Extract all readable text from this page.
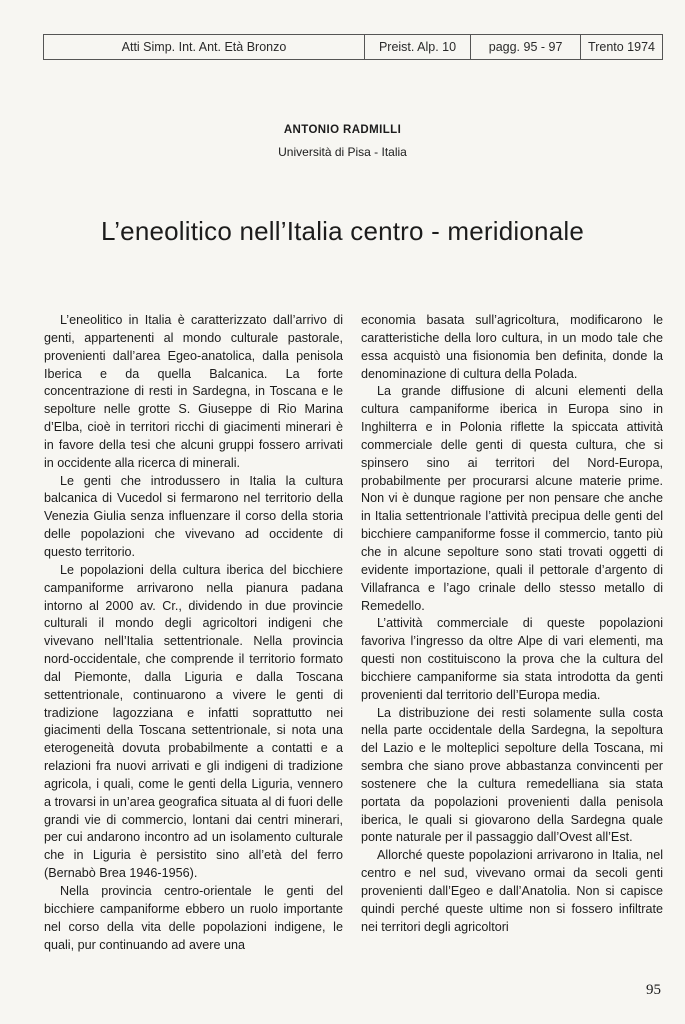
Atti Simp. Int. Ant. Età Bronzo	Preist. Alp. 10	pagg. 95 - 97	Trento 1974
ANTONIO RADMILLI
Università di Pisa - Italia
L’eneolitico nell’Italia centro - meridionale

L’eneolitico in Italia è caratterizzato dall’arrivo di genti, appartenenti al mondo culturale pastorale, provenienti dall’area Egeo-anatolica, dalla penisola Iberica e da quella Balcanica. La forte concentrazione di resti in Sardegna, in Toscana e le sepolture nelle grotte S. Giuseppe di Rio Marina d’Elba, cioè in territori ricchi di giacimenti minerari è in favore della tesi che alcuni gruppi fossero arrivati in occidente alla ricerca di minerali.

Le genti che introdussero in Italia la cultura balcanica di Vucedol si fermarono nel territorio della Venezia Giulia senza influenzare il corso della storia delle popolazioni che vivevano ad occidente di questo territorio.

Le popolazioni della cultura iberica del bicchiere campaniforme arrivarono nella pianura padana intorno al 2000 av. Cr., dividendo in due provincie culturali il mondo degli agricoltori indigeni che vivevano nell’Italia settentrionale. Nella provincia nord-occidentale, che comprende il territorio formato dal Piemonte, dalla Liguria e dalla Toscana settentrionale, continuarono a vivere le genti di tradizione lagozziana e infatti soprattutto nei giacimenti della Toscana settentrionale, si nota una eterogeneità dovuta probabilmente a contatti e a relazioni fra nuovi arrivati e gli indigeni di tradizione agricola, i quali, come le genti della Liguria, vennero a trovarsi in un’area geografica situata al di fuori delle grandi vie di commercio, lontani dai centri minerari, per cui andarono incontro ad un isolamento culturale che in Liguria è persistito sino all’età del ferro (Bernabò Brea 1946-1956).

Nella provincia centro-orientale le genti del bicchiere campaniforme ebbero un ruolo importante nel corso della vita delle popolazioni indigene, le quali, pur continuando ad avere una

economia basata sull’agricoltura, modificarono le caratteristiche della loro cultura, in un modo tale che essa acquistò una fisionomia ben definita, donde la denominazione di cultura della Polada.

La grande diffusione di alcuni elementi della cultura campaniforme iberica in Europa sino in Inghilterra e in Polonia riflette la spiccata attività commerciale delle genti di questa cultura, che si spinsero sino ai territori del Nord-Europa, probabilmente per procurarsi alcune materie prime. Non vi è dunque ragione per non pensare che anche in Italia settentrionale l’attività precipua delle genti del bicchiere campaniforme fosse il commercio, tanto più che in alcune sepolture sono stati trovati oggetti di evidente importazione, quali il pettorale d’argento di Villafranca e l’ago crinale dello stesso metallo di Remedello.

L’attività commerciale di queste popolazioni favoriva l’ingresso da oltre Alpe di vari elementi, ma questi non costituiscono la prova che la cultura del bicchiere campaniforme sia stata introdotta da genti provenienti dal territorio dell’Europa media.

La distribuzione dei resti solamente sulla costa nella parte occidentale della Sardegna, la sepoltura del Lazio e le molteplici sepolture della Toscana, mi sembra che siano prove abbastanza convincenti per sostenere che la cultura remedelliana sia stata portata da popolazioni provenienti dalla penisola iberica, le quali si giovarono della Sardegna quale ponte naturale per il passaggio dall’Ovest all’Est.

Allorché queste popolazioni arrivarono in Italia, nel centro e nel sud, vivevano ormai da secoli genti provenienti dall’Egeo e dall’Anatolia. Non si capisce quindi perché queste ultime non si fossero infiltrate nei territori degli agricoltori

95
